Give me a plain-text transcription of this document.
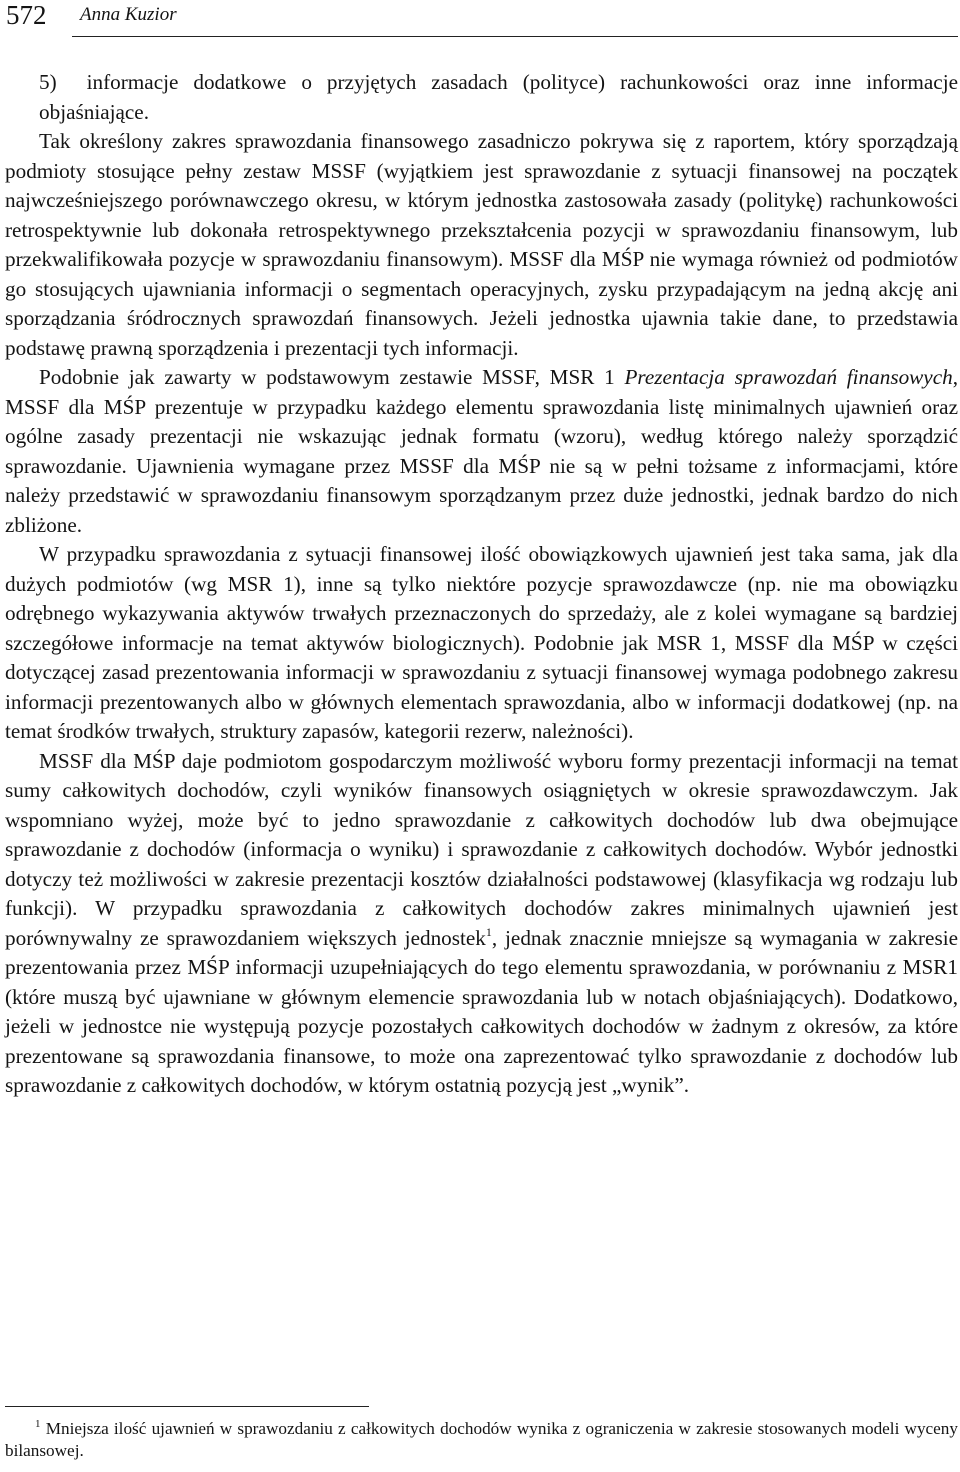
572 Anna Kuzior

5)  informacje dodatkowe o przyjętych zasadach (polityce) rachunkowości oraz inne informacje objaśniające.

Tak określony zakres sprawozdania finansowego zasadniczo pokrywa się z raportem, który sporządzają podmioty stosujące pełny zestaw MSSF (wyjątkiem jest sprawozdanie z sytuacji finansowej na początek najwcześniejszego porównawczego okresu, w którym jednostka zastosowała zasady (politykę) rachunkowości retrospektywnie lub dokonała retrospektywnego przekształcenia pozycji w sprawozdaniu finansowym, lub przekwalifikowała pozycje w sprawozdaniu finansowym). MSSF dla MŚP nie wymaga również od podmiotów go stosujących ujawniania informacji o segmentach operacyjnych, zysku przypadającym na jedną akcję ani sporządzania śródrocznych sprawozdań finansowych. Jeżeli jednostka ujawnia takie dane, to przedstawia podstawę prawną sporządzenia i prezentacji tych informacji.

Podobnie jak zawarty w podstawowym zestawie MSSF, MSR 1 Prezentacja sprawozdań finansowych, MSSF dla MŚP prezentuje w przypadku każdego elementu sprawozdania listę minimalnych ujawnień oraz ogólne zasady prezentacji nie wskazując jednak formatu (wzoru), według którego należy sporządzić sprawozdanie. Ujawnienia wymagane przez MSSF dla MŚP nie są w pełni tożsame z informacjami, które należy przedstawić w sprawozdaniu finansowym sporządzanym przez duże jednostki, jednak bardzo do nich zbliżone.

W przypadku sprawozdania z sytuacji finansowej ilość obowiązkowych ujawnień jest taka sama, jak dla dużych podmiotów (wg MSR 1), inne są tylko niektóre pozycje sprawozdawcze (np. nie ma obowiązku odrębnego wykazywania aktywów trwałych przeznaczonych do sprzedaży, ale z kolei wymagane są bardziej szczegółowe informacje na temat aktywów biologicznych). Podobnie jak MSR 1, MSSF dla MŚP w części dotyczącej zasad prezentowania informacji w sprawozdaniu z sytuacji finansowej wymaga podobnego zakresu informacji prezentowanych albo w głównych elementach sprawozdania, albo w informacji dodatkowej (np. na temat środków trwałych, struktury zapasów, kategorii rezerw, należności).

MSSF dla MŚP daje podmiotom gospodarczym możliwość wyboru formy prezentacji informacji na temat sumy całkowitych dochodów, czyli wyników finansowych osiągniętych w okresie sprawozdawczym. Jak wspomniano wyżej, może być to jedno sprawozdanie z całkowitych dochodów lub dwa obejmujące sprawozdanie z dochodów (informacja o wyniku) i sprawozdanie z całkowitych dochodów. Wybór jednostki dotyczy też możliwości w zakresie prezentacji kosztów działalności podstawowej (klasyfikacja wg rodzaju lub funkcji). W przypadku sprawozdania z całkowitych dochodów zakres minimalnych ujawnień jest porównywalny ze sprawozdaniem większych jednostek$^1$, jednak znacznie mniejsze są wymagania w zakresie prezentowania przez MŚP informacji uzupełniających do tego elementu sprawozdania, w porównaniu z MSR1 (które muszą być ujawniane w głównym elemencie sprawozdania lub w notach objaśniających). Dodatkowo, jeżeli w jednostce nie występują pozycje pozostałych całkowitych dochodów w żadnym z okresów, za które prezentowane są sprawozdania finansowe, to może ona zaprezentować tylko sprawozdanie z dochodów lub sprawozdanie z całkowitych dochodów, w którym ostatnią pozycją jest „wynik”.

$^1$ Mniejsza ilość ujawnień w sprawozdaniu z całkowitych dochodów wynika z ograniczenia w zakresie stosowanych modeli wyceny bilansowej.
